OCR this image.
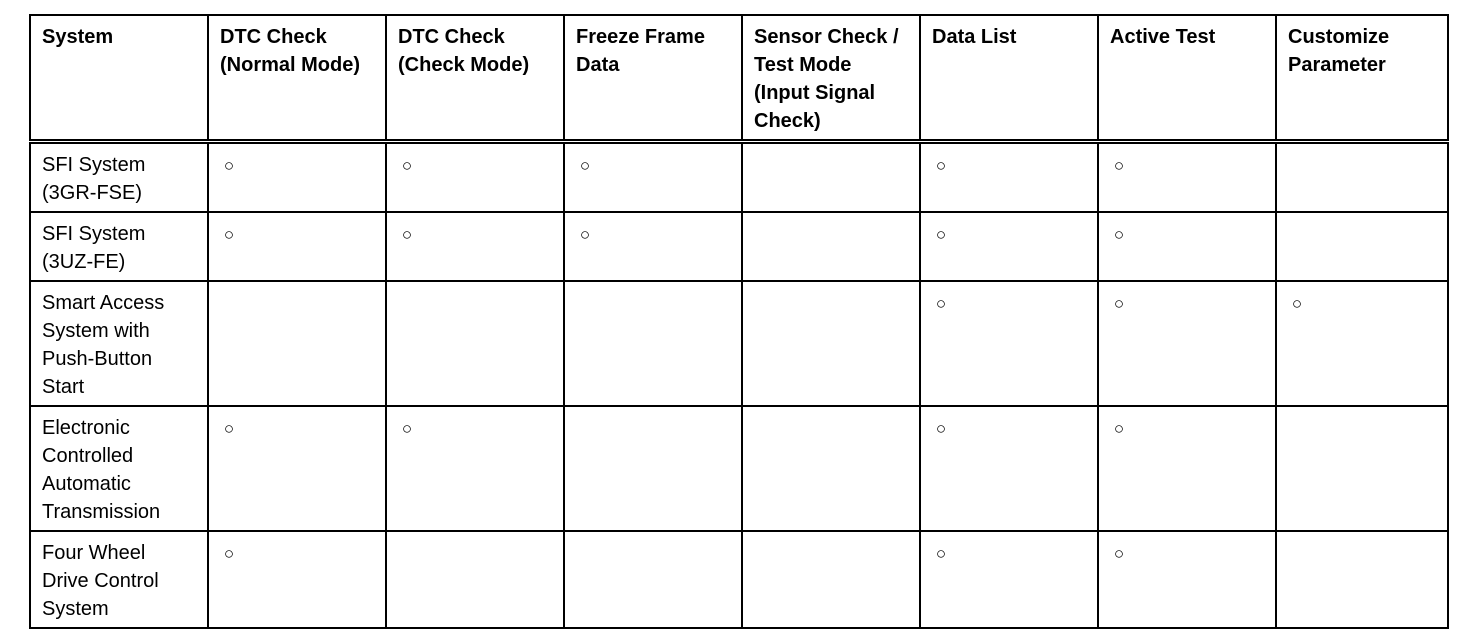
System	DTC Check (Normal Mode)	DTC Check (Check Mode)	Freeze Frame Data	Sensor Check / Test Mode (Input Signal Check)	Data List	Active Test	Customize Parameter
SFI System (3GR-FSE)	○	○	○		○	○	
SFI System (3UZ-FE)	○	○	○		○	○	
Smart Access System with Push-Button Start					○	○	○
Electronic Controlled Automatic Transmission	○	○			○	○	
Four Wheel Drive Control System	○				○	○	
